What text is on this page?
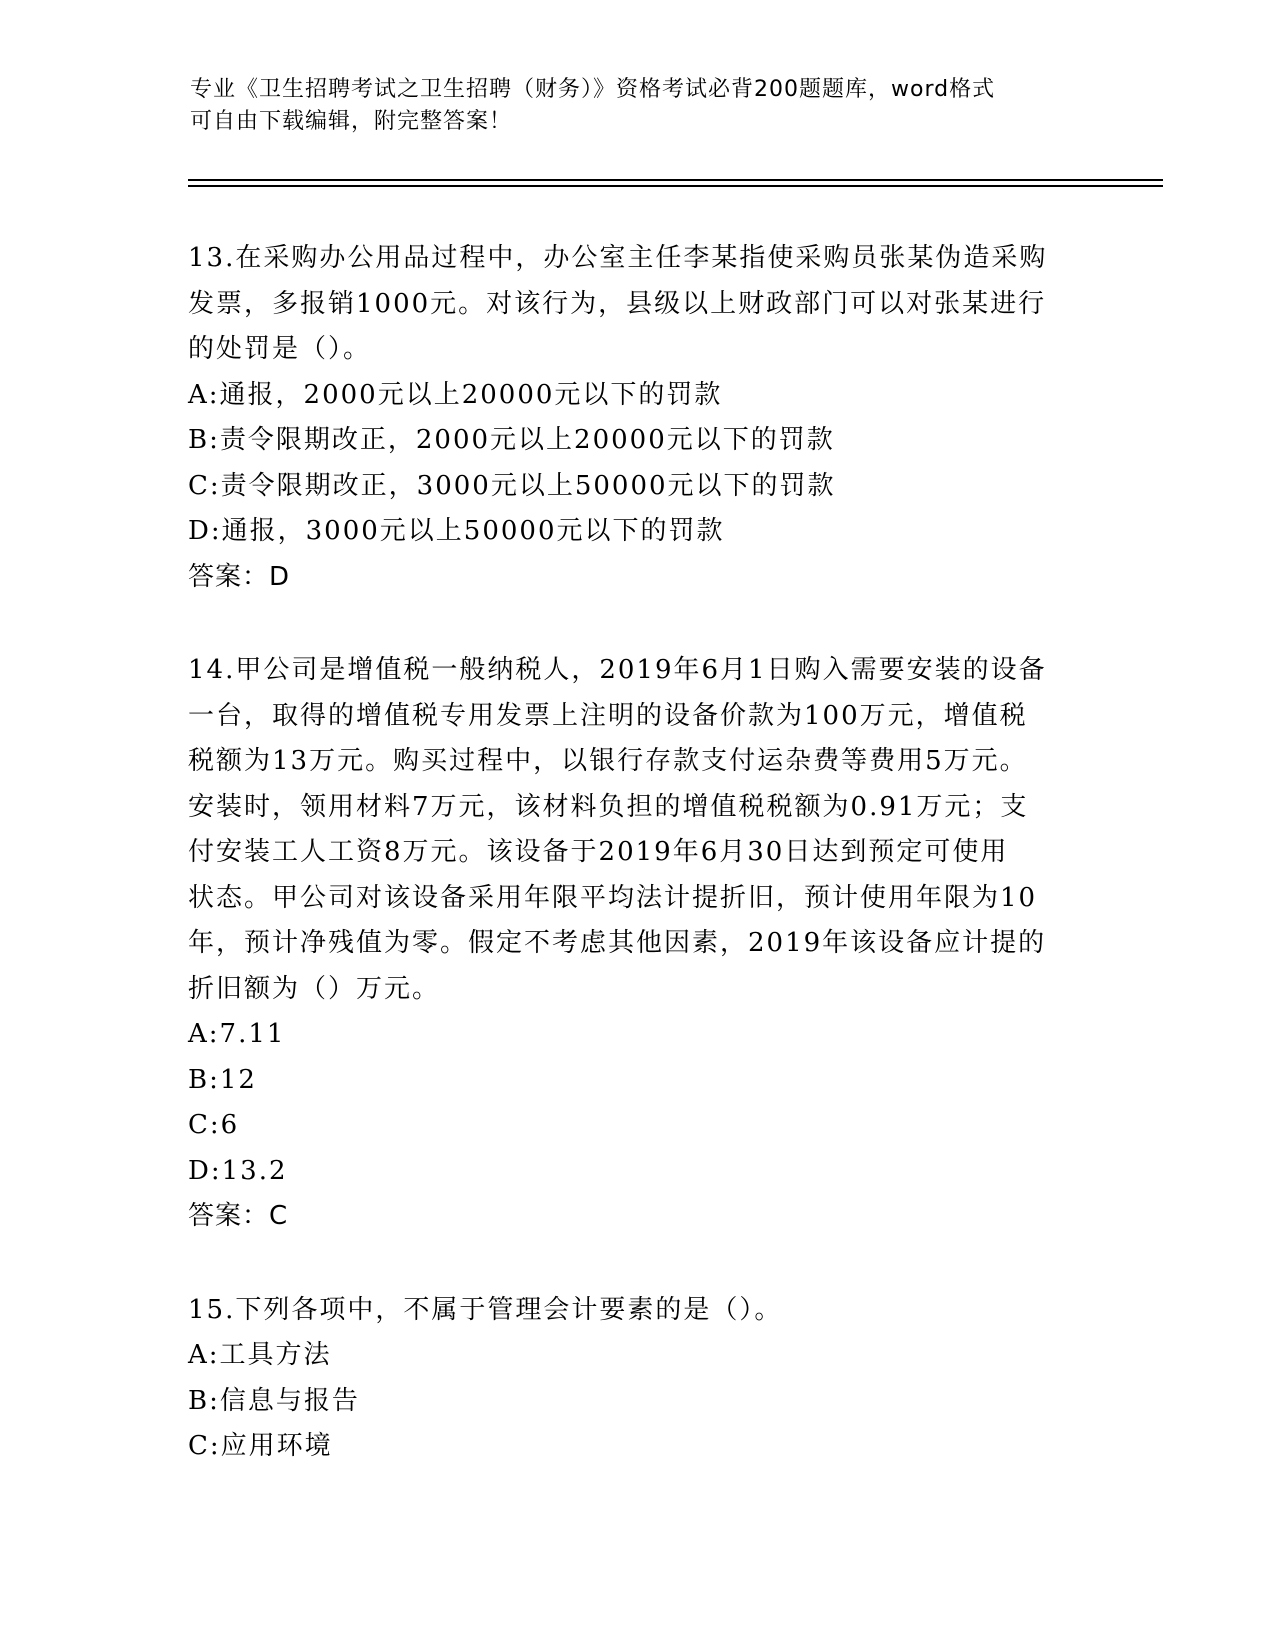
专业《卫生招聘考试之卫生招聘（财务）》资格考试必背200题题库，word格式
可自由下载编辑，附完整答案！
13.在采购办公用品过程中，办公室主任李某指使采购员张某伪造采购
发票，多报销1000元。对该行为，县级以上财政部门可以对张某进行
的处罚是（）。
A:通报，2000元以上20000元以下的罚款
B:责令限期改正，2000元以上20000元以下的罚款
C:责令限期改正，3000元以上50000元以下的罚款
D:通报，3000元以上50000元以下的罚款
答案：D
14.甲公司是增值税一般纳税人，2019年6月1日购入需要安装的设备
一台，取得的增值税专用发票上注明的设备价款为100万元，增值税
税额为13万元。购买过程中，以银行存款支付运杂费等费用5万元。
安装时，领用材料7万元，该材料负担的增值税税额为0.91万元；支
付安装工人工资8万元。该设备于2019年6月30日达到预定可使用
状态。甲公司对该设备采用年限平均法计提折旧，预计使用年限为10
年，预计净残值为零。假定不考虑其他因素，2019年该设备应计提的
折旧额为（）万元。
A:7.11
B:12
C:6
D:13.2
答案：C
15.下列各项中，不属于管理会计要素的是（）。
A:工具方法
B:信息与报告
C:应用环境
